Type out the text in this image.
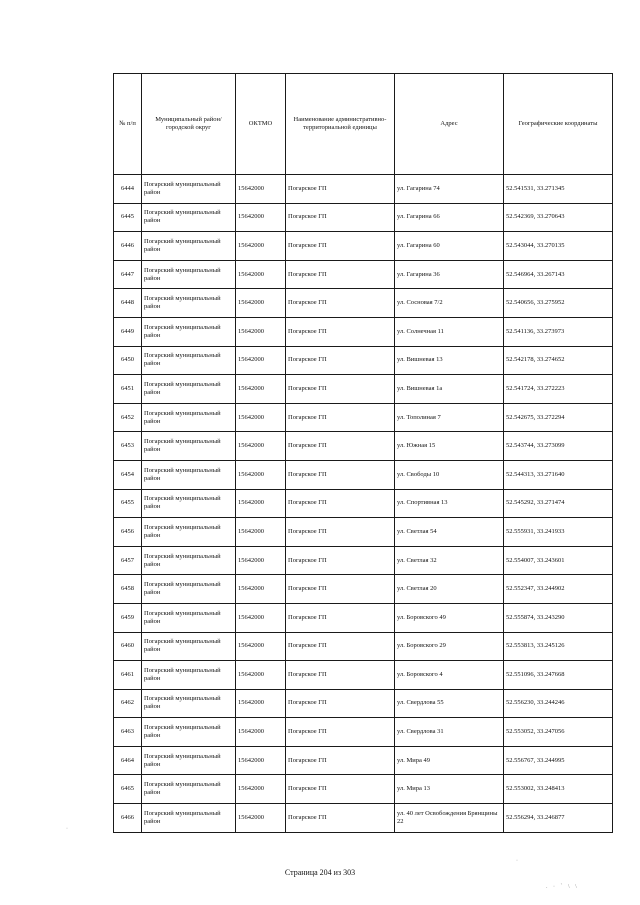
№ п/п	Муниципальный район/городской округ	ОКТМО	Наименование административно-территориальной единицы	Адрес	Географические координаты
6444	Погарский муниципальный район	15642000	Погарское ГП	ул. Гагарина 74	52.541531, 33.271345
6445	Погарский муниципальный район	15642000	Погарское ГП	ул. Гагарина 66	52.542369, 33.270643
6446	Погарский муниципальный район	15642000	Погарское ГП	ул. Гагарина 60	52.543044, 33.270135
6447	Погарский муниципальный район	15642000	Погарское ГП	ул. Гагарина 36	52.546964, 33.267143
6448	Погарский муниципальный район	15642000	Погарское ГП	ул. Сосновая 7/2	52.540656, 33.275952
6449	Погарский муниципальный район	15642000	Погарское ГП	ул. Солнечная 11	52.541136, 33.273973
6450	Погарский муниципальный район	15642000	Погарское ГП	ул. Вишневая 13	52.542178, 33.274652
6451	Погарский муниципальный район	15642000	Погарское ГП	ул. Вишневая 1а	52.541724, 33.272223
6452	Погарский муниципальный район	15642000	Погарское ГП	ул. Тополиная 7	52.542675, 33.272294
6453	Погарский муниципальный район	15642000	Погарское ГП	ул. Южная 15	52.543744, 33.273099
6454	Погарский муниципальный район	15642000	Погарское ГП	ул. Свободы 10	52.544313, 33.271640
6455	Погарский муниципальный район	15642000	Погарское ГП	ул. Спортивная 13	52.545292, 33.271474
6456	Погарский муниципальный район	15642000	Погарское ГП	ул. Светлая 54	52.555931, 33.241933
6457	Погарский муниципальный район	15642000	Погарское ГП	ул. Светлая 32	52.554007, 33.243601
6458	Погарский муниципальный район	15642000	Погарское ГП	ул. Светлая 20	52.552347, 33.244902
6459	Погарский муниципальный район	15642000	Погарское ГП	ул. Боровского 49	52.555874, 33.243290
6460	Погарский муниципальный район	15642000	Погарское ГП	ул. Боровского 29	52.553813, 33.245126
6461	Погарский муниципальный район	15642000	Погарское ГП	ул. Боровского 4	52.551096, 33.247668
6462	Погарский муниципальный район	15642000	Погарское ГП	ул. Свердлова 55	52.556230, 33.244246
6463	Погарский муниципальный район	15642000	Погарское ГП	ул. Свердлова 31	52.553052, 33.247056
6464	Погарский муниципальный район	15642000	Погарское ГП	ул. Мира 49	52.556767, 33.244995
6465	Погарский муниципальный район	15642000	Погарское ГП	ул. Мира 13	52.553002, 33.248413
6466	Погарский муниципальный район	15642000	Погарское ГП	ул. 40 лет Освобождения Брянщины 22	52.556294, 33.246877
Страница 204 из 303
·
·
. · ` \ \
